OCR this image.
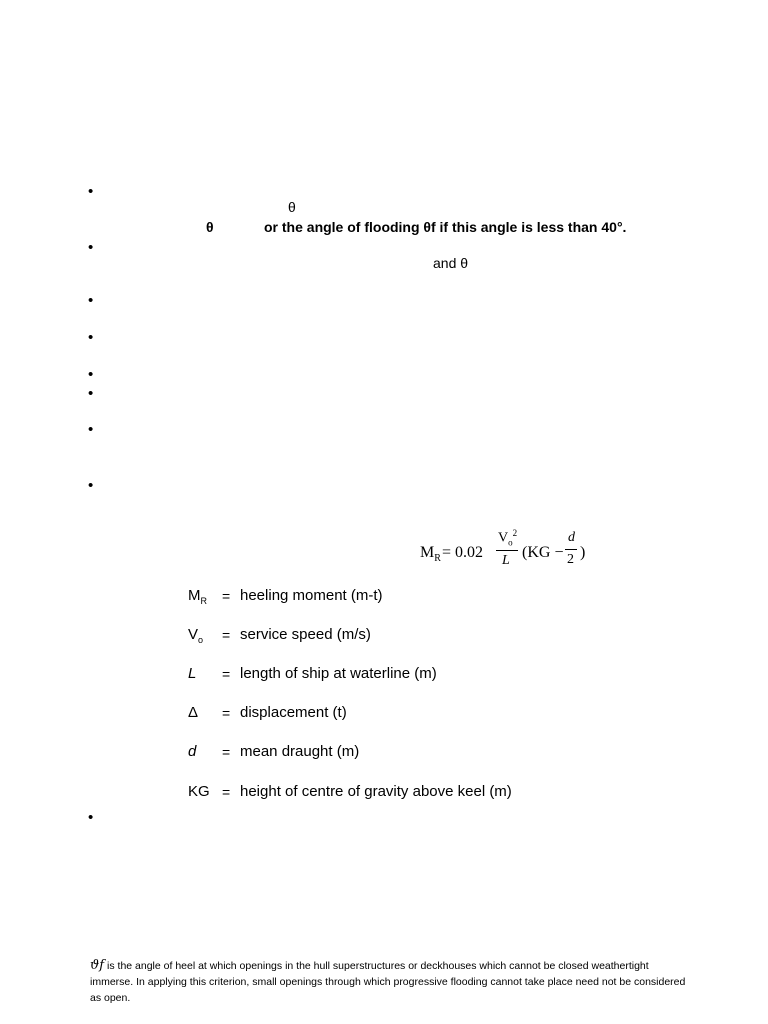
•
•
•
•
•
•
•
•
•
θ
θ	or the angle of flooding θf if this angle is less than 40°.
and θ
$M_R = 0.02$
$V_o^2$
L (KG −
d
2 )
$M_R$ = heeling moment (m-t)
$V_o$ = service speed (m/s)
L = length of ship at waterline (m)
Δ = displacement (t)
d = mean draught (m)
KG = height of centre of gravity above keel (m)
ϑf is the angle of heel at which openings in the hull superstructures or deckhouses which cannot be closed weathertight immerse. In applying this criterion, small openings through which progressive flooding cannot take place need not be considered as open.
